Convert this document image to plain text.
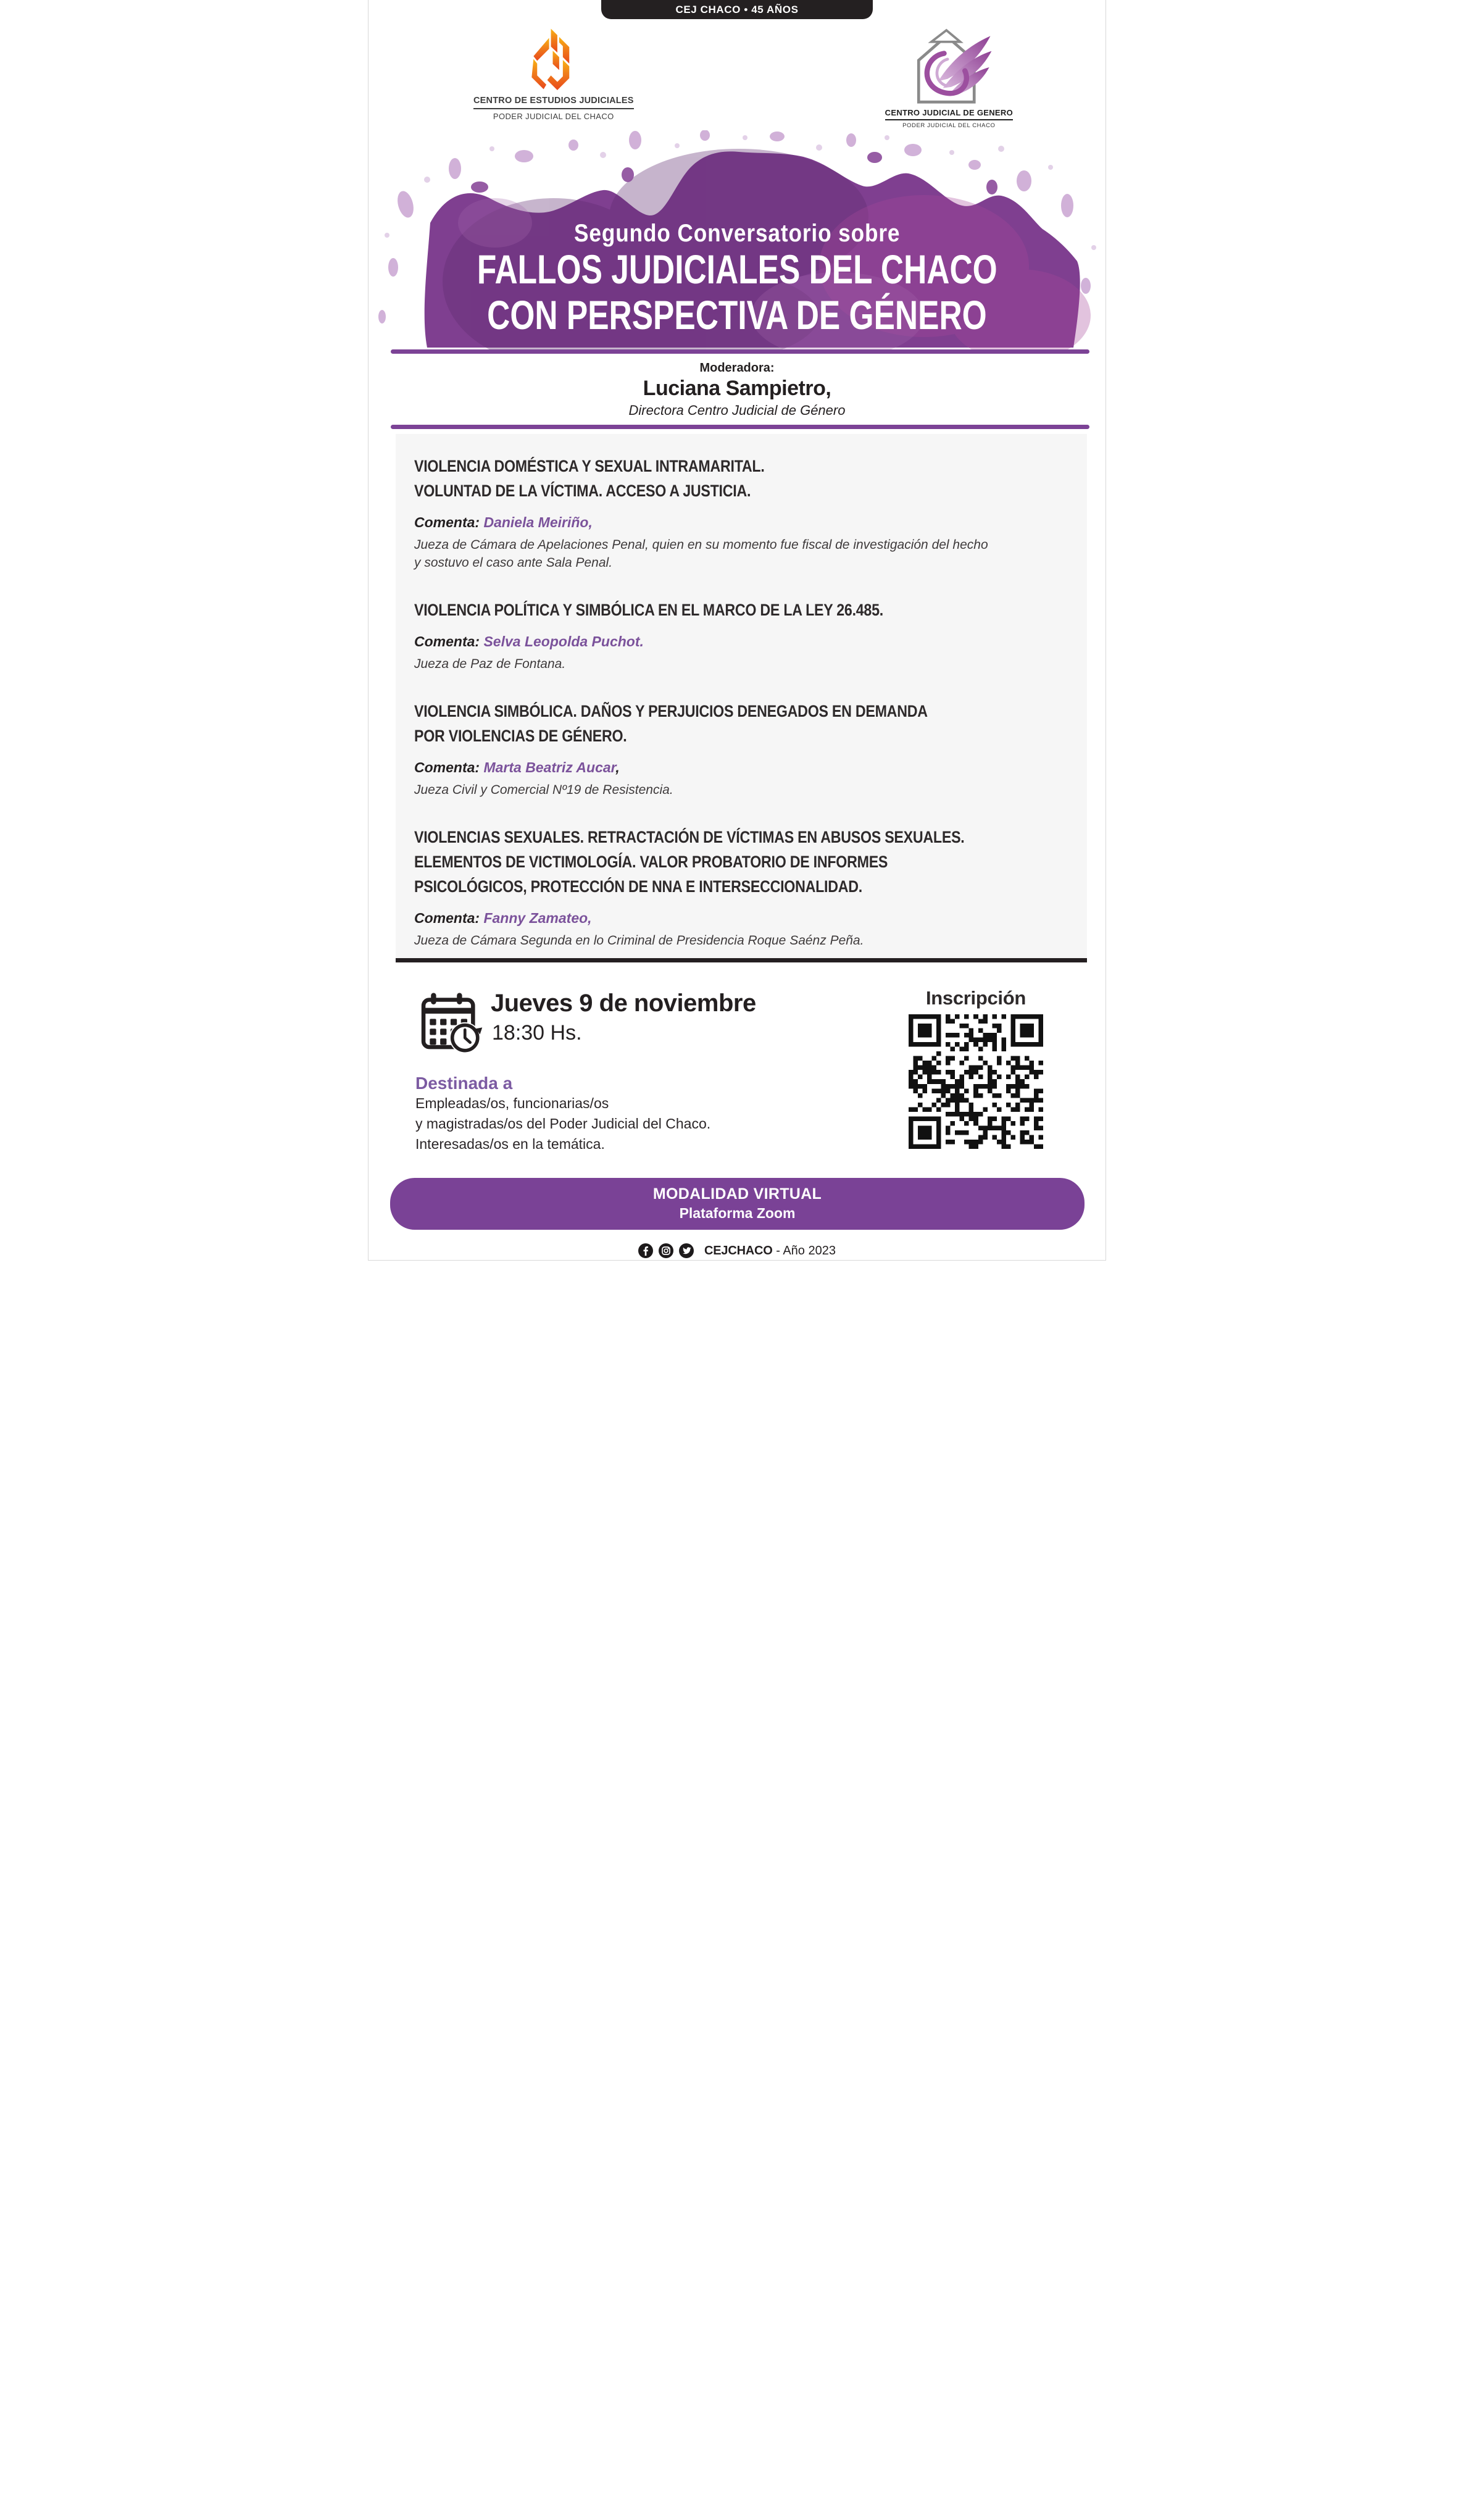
CEJ CHACO • 45 AÑOS
CENTRO DE ESTUDIOS JUDICIALES
PODER JUDICIAL DEL CHACO	CENTRO JUDICIAL DE GENERO
PODER JUDICIAL DEL CHACO
Segundo Conversatorio sobre
FALLOS JUDICIALES DEL CHACO
CON PERSPECTIVA DE GÉNERO
Moderadora:
Luciana Sampietro,
Directora Centro Judicial de Género
VIOLENCIA DOMÉSTICA Y SEXUAL INTRAMARITAL.
VOLUNTAD DE LA VÍCTIMA. ACCESO A JUSTICIA.
Comenta: Daniela Meiriño,
Jueza de Cámara de Apelaciones Penal, quien en su momento fue fiscal de investigación del hecho
y sostuvo el caso ante Sala Penal.
VIOLENCIA POLÍTICA Y SIMBÓLICA EN EL MARCO DE LA LEY 26.485.
Comenta: Selva Leopolda Puchot.
Jueza de Paz de Fontana.
VIOLENCIA SIMBÓLICA. DAÑOS Y PERJUICIOS DENEGADOS EN DEMANDA
POR VIOLENCIAS DE GÉNERO.
Comenta: Marta Beatriz Aucar,
Jueza Civil y Comercial Nº19 de Resistencia.
VIOLENCIAS SEXUALES. RETRACTACIÓN DE VÍCTIMAS EN ABUSOS SEXUALES.
ELEMENTOS DE VICTIMOLOGÍA. VALOR PROBATORIO DE INFORMES
PSICOLÓGICOS, PROTECCIÓN DE NNA E INTERSECCIONALIDAD.
Comenta: Fanny Zamateo,
Jueza de Cámara Segunda en lo Criminal de Presidencia Roque Saénz Peña.
Jueves 9 de noviembre
18:30 Hs.
Destinada a
Empleadas/os, funcionarias/os
y magistradas/os del Poder Judicial del Chaco.
Interesadas/os en la temática.
Inscripción
MODALIDAD VIRTUAL
Plataforma Zoom
CEJCHACO - Año 2023
